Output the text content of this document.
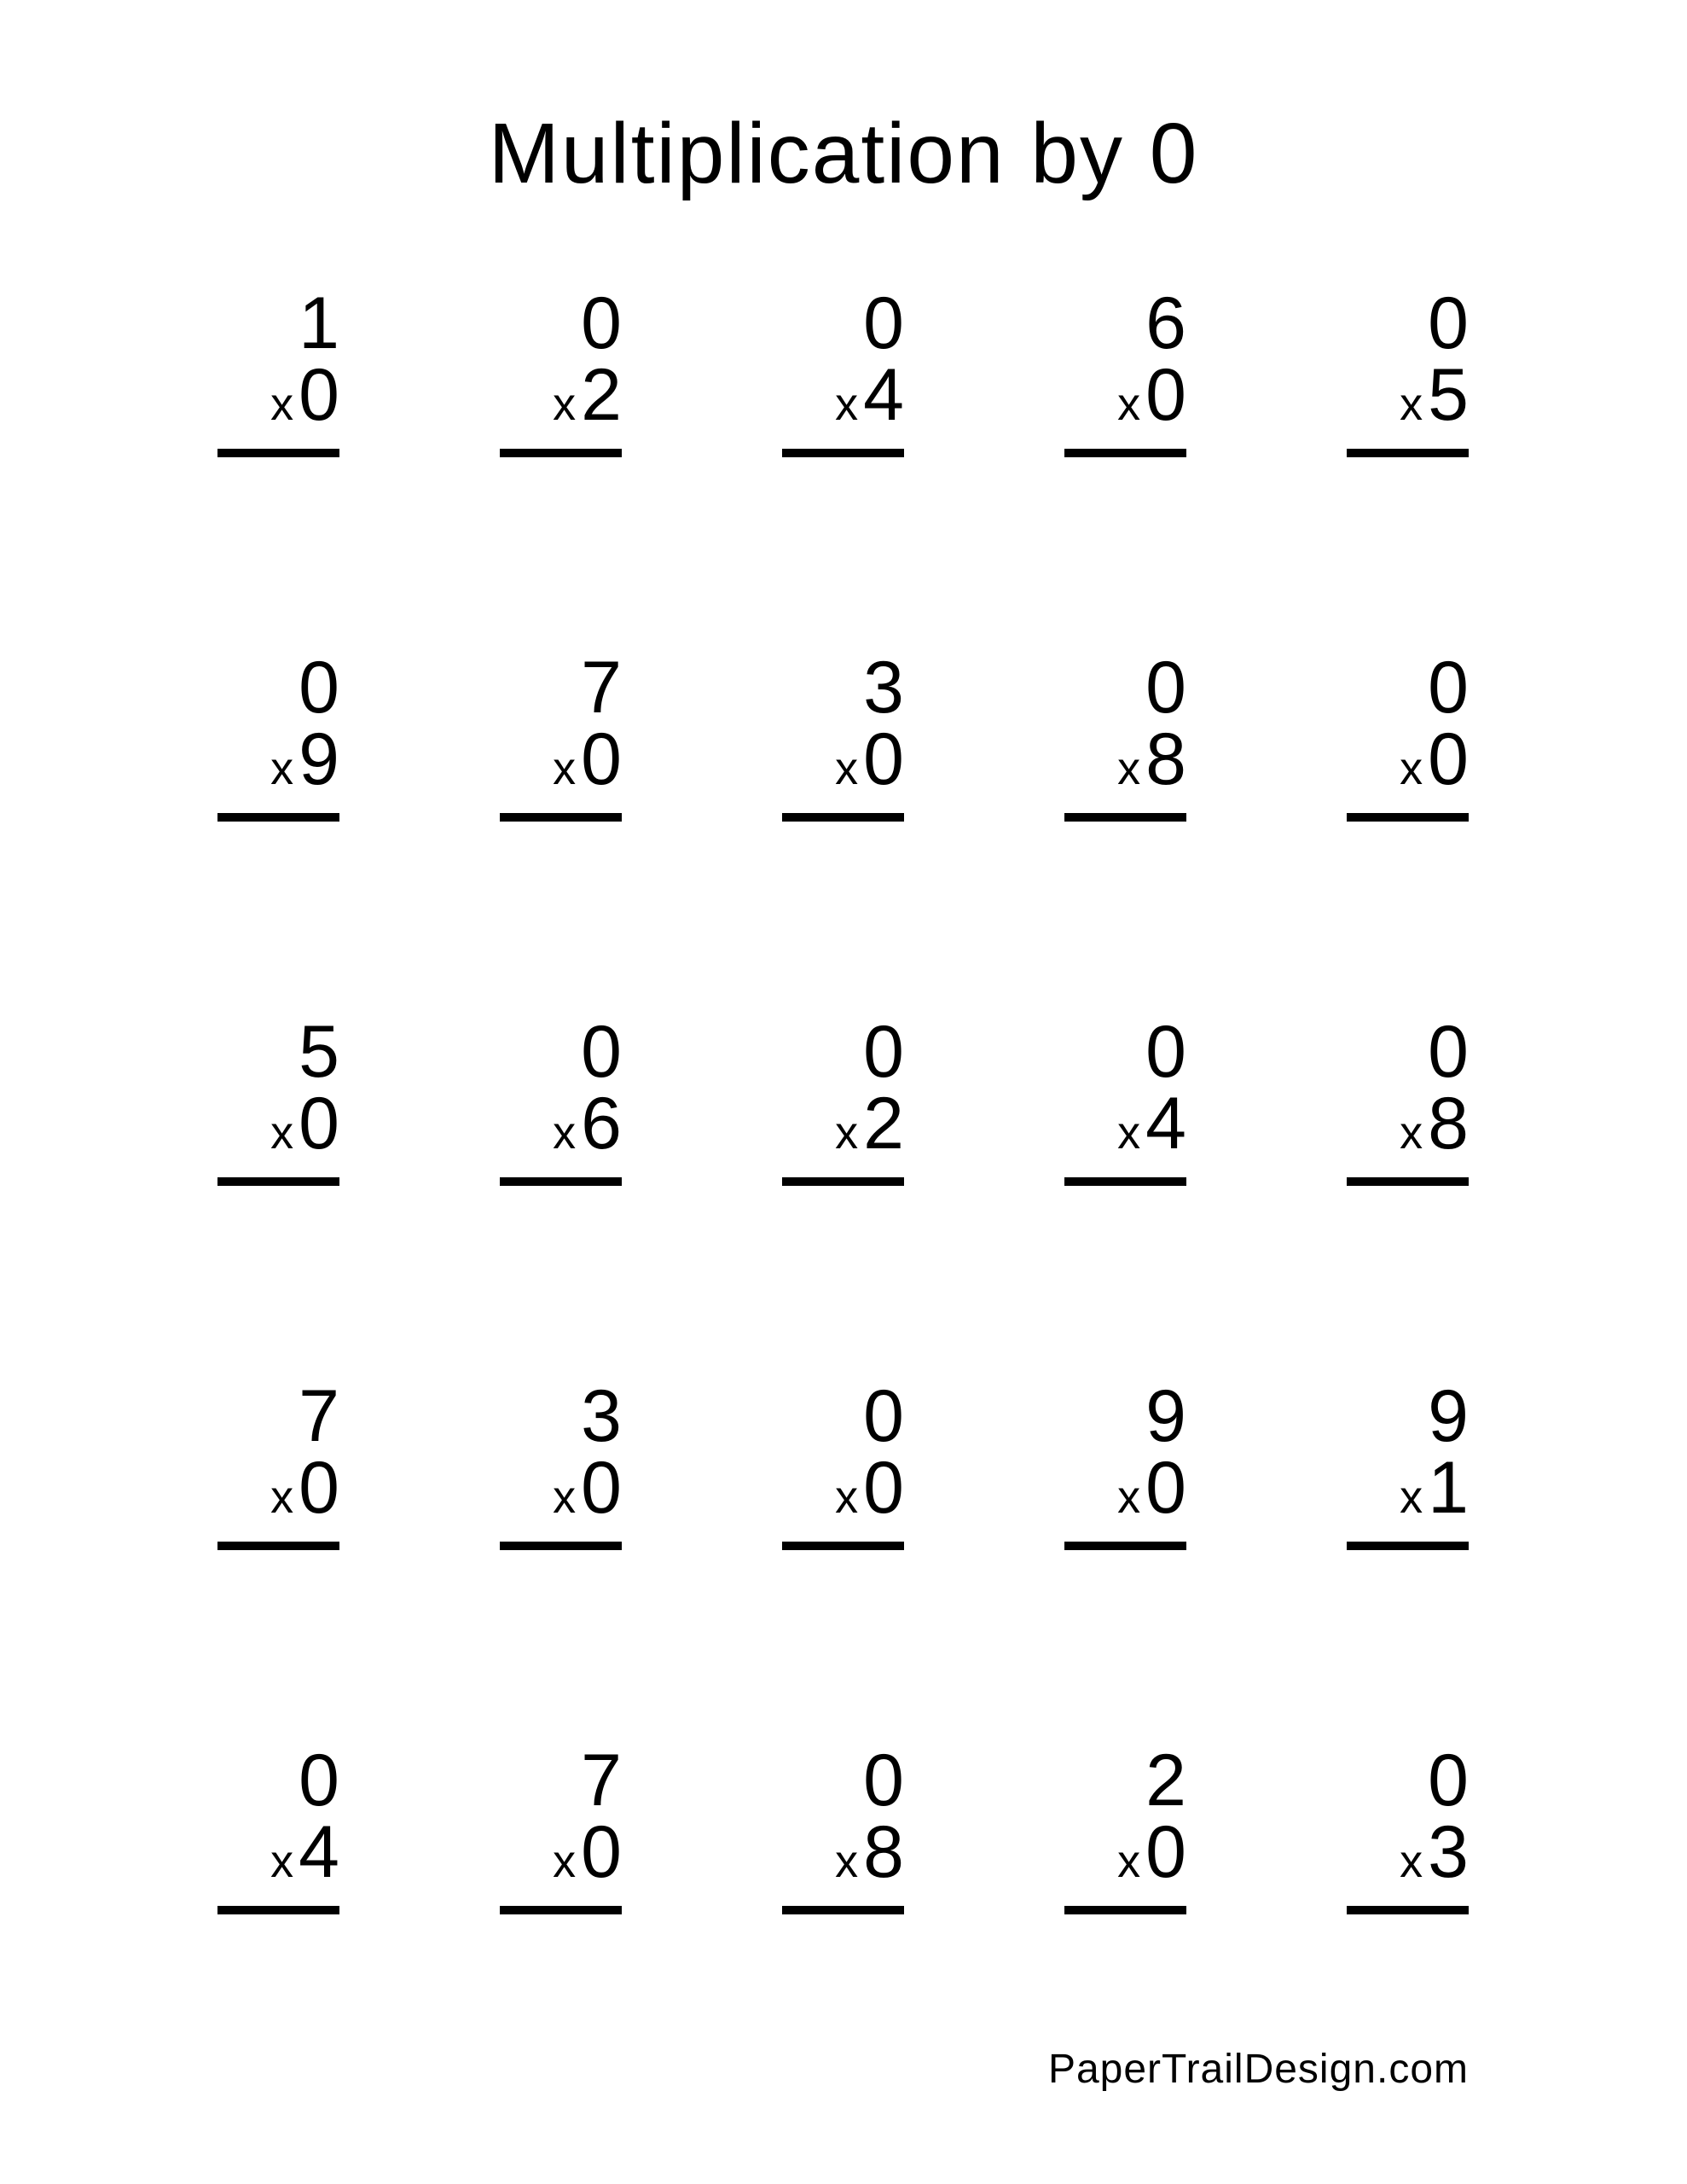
Multiplication by 0
1
x0
0
x2
0
x4
6
x0
0
x5
0
x9
7
x0
3
x0
0
x8
0
x0
5
x0
0
x6
0
x2
0
x4
0
x8
7
x0
3
x0
0
x0
9
x0
9
x1
0
x4
7
x0
0
x8
2
x0
0
x3
PaperTrailDesign.com
